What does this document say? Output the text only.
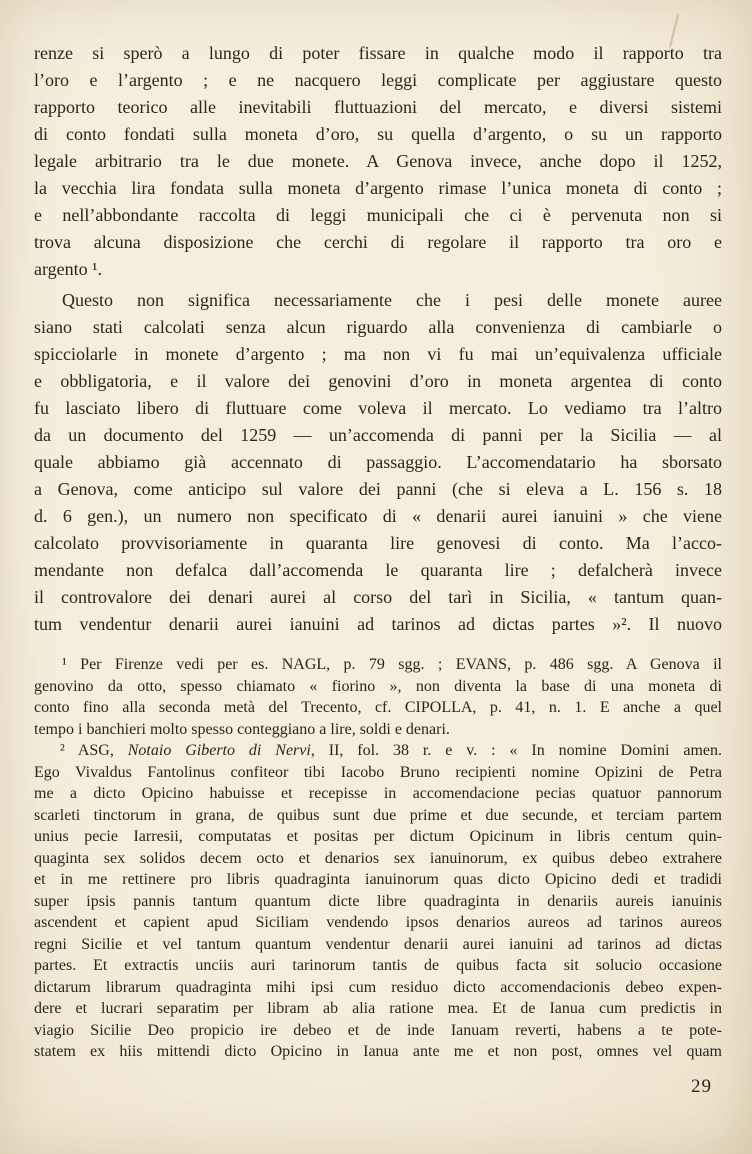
renze si sperò a lungo di poter fissare in qualche modo il rapporto tra
l’oro e l’argento ; e ne nacquero leggi complicate per aggiustare questo
rapporto teorico alle inevitabili fluttuazioni del mercato, e diversi sistemi
di conto fondati sulla moneta d’oro, su quella d’argento, o su un rapporto
legale arbitrario tra le due monete. A Genova invece, anche dopo il 1252,
la vecchia lira fondata sulla moneta d’argento rimase l’unica moneta di conto ;
e nell’abbondante raccolta di leggi municipali che ci è pervenuta non si
trova alcuna disposizione che cerchi di regolare il rapporto tra oro e
argento ¹.
Questo non significa necessariamente che i pesi delle monete auree
siano stati calcolati senza alcun riguardo alla convenienza di cambiarle o
spicciolarle in monete d’argento ; ma non vi fu mai un’equivalenza ufficiale
e obbligatoria, e il valore dei genovini d’oro in moneta argentea di conto
fu lasciato libero di fluttuare come voleva il mercato. Lo vediamo tra l’altro
da un documento del 1259 — un’accomenda di panni per la Sicilia — al
quale abbiamo già accennato di passaggio. L’accomendatario ha sborsato
a Genova, come anticipo sul valore dei panni (che si eleva a L. 156 s. 18
d. 6 gen.), un numero non specificato di « denarii aurei ianuini » che viene
calcolato provvisoriamente in quaranta lire genovesi di conto. Ma l’acco-
mendante non defalca dall’accomenda le quaranta lire ; defalcherà invece
il controvalore dei denari aurei al corso del tarì in Sicilia, « tantum quan-
tum vendentur denarii aurei ianuini ad tarinos ad dictas partes »². Il nuovo
¹ Per Firenze vedi per es. NAGL, p. 79 sgg. ; EVANS, p. 486 sgg. A Genova il
genovino da otto, spesso chiamato « fiorino », non diventa la base di una moneta di
conto fino alla seconda metà del Trecento, cf. CIPOLLA, p. 41, n. 1. E anche a quel
tempo i banchieri molto spesso conteggiano a lire, soldi e denari.
² ASG, Notaio Giberto di Nervi, II, fol. 38 r. e v. : « In nomine Domini amen.
Ego Vivaldus Fantolinus confiteor tibi Iacobo Bruno recipienti nomine Opizini de Petra
me a dicto Opicino habuisse et recepisse in accomendacione pecias quatuor pannorum
scarleti tinctorum in grana, de quibus sunt due prime et due secunde, et terciam partem
unius pecie Iarresii, computatas et positas per dictum Opicinum in libris centum quin-
quaginta sex solidos decem octo et denarios sex ianuinorum, ex quibus debeo extrahere
et in me rettinere pro libris quadraginta ianuinorum quas dicto Opicino dedi et tradidi
super ipsis pannis tantum quantum dicte libre quadraginta in denariis aureis ianuinis
ascendent et capient apud Siciliam vendendo ipsos denarios aureos ad tarinos aureos
regni Sicilie et vel tantum quantum vendentur denarii aurei ianuini ad tarinos ad dictas
partes. Et extractis unciis auri tarinorum tantis de quibus facta sit solucio occasione
dictarum librarum quadraginta mihi ipsi cum residuo dicto accomendacionis debeo expen-
dere et lucrari separatim per libram ab alia ratione mea. Et de Ianua cum predictis in
viagio Sicilie Deo propicio ire debeo et de inde Ianuam reverti, habens a te pote-
statem ex hiis mittendi dicto Opicino in Ianua ante me et non post, omnes vel quam
29
